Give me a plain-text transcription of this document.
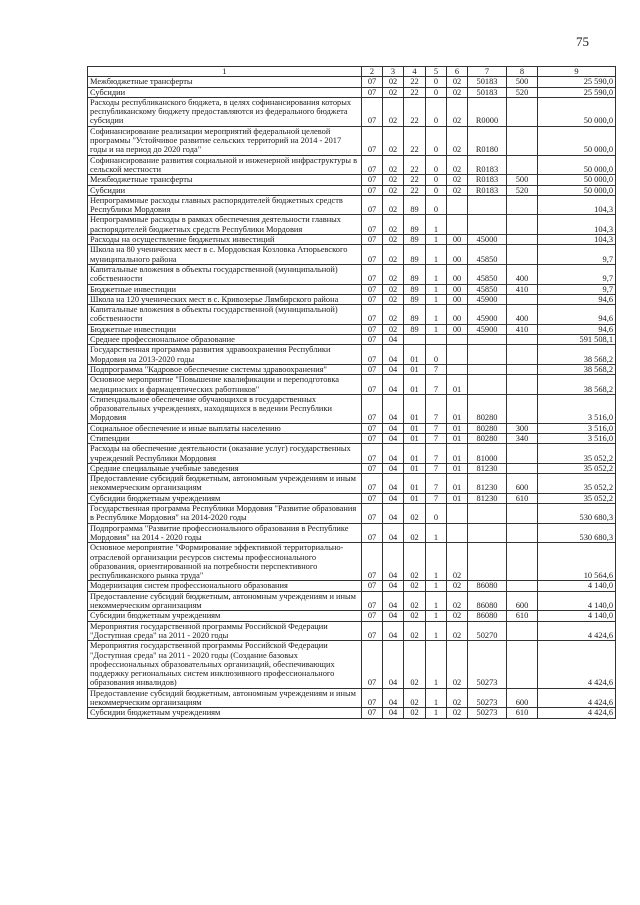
75
1	2	3	4	5	6	7	8	9
Межбюджетные трансферты	07	02	22	0	02	50183	500	25 590,0
Субсидии	07	02	22	0	02	50183	520	25 590,0
Расходы республиканского бюджета, в целях софинансирования которых республиканскому бюджету предоставляются из федерального бюджета субсидии	07	02	22	0	02	R0000		50 000,0
Софинансирование реализации мероприятий федеральной целевой программы "Устойчивое развитие сельских территорий на 2014 - 2017 годы и на период до 2020 года"	07	02	22	0	02	R0180		50 000,0
Софинансирование развития социальной и инженерной инфраструктуры в сельской местности	07	02	22	0	02	R0183		50 000,0
Межбюджетные трансферты	07	02	22	0	02	R0183	500	50 000,0
Субсидии	07	02	22	0	02	R0183	520	50 000,0
Непрограммные расходы главных распорядителей бюджетных средств Республики Мордовия	07	02	89	0				104,3
Непрограммные расходы в рамках обеспечения деятельности главных распорядителей бюджетных средств Республики Мордовия	07	02	89	1				104,3
Расходы на осуществление бюджетных инвестиций	07	02	89	1	00	45000		104,3
Школа на 80 ученических мест в с. Мордовская Козловка Атюрьевского муниципального района	07	02	89	1	00	45850		9,7
Капитальные вложения в объекты государственной (муниципальной) собственности	07	02	89	1	00	45850	400	9,7
Бюджетные инвестиции	07	02	89	1	00	45850	410	9,7
Школа на 120 ученических мест в с. Кривозерье Лямбирского района	07	02	89	1	00	45900		94,6
Капитальные вложения в объекты государственной (муниципальной) собственности	07	02	89	1	00	45900	400	94,6
Бюджетные инвестиции	07	02	89	1	00	45900	410	94,6
Среднее профессиональное образование	07	04						591 508,1
Государственная программа развития здравоохранения Республики Мордовия на 2013-2020 годы	07	04	01	0				38 568,2
Подпрограмма "Кадровое обеспечение системы здравоохранения"	07	04	01	7				38 568,2
Основное мероприятие "Повышение квалификации и переподготовка медицинских и фармацевтических работников"	07	04	01	7	01			38 568,2
Стипендиальное обеспечение обучающихся в государственных образовательных учреждениях, находящихся в ведении Республики Мордовия	07	04	01	7	01	80280		3 516,0
Социальное обеспечение и иные выплаты населению	07	04	01	7	01	80280	300	3 516,0
Стипендии	07	04	01	7	01	80280	340	3 516,0
Расходы на обеспечение деятельности (оказание услуг) государственных учреждений Республики Мордовия	07	04	01	7	01	81000		35 052,2
Средние специальные учебные заведения	07	04	01	7	01	81230		35 052,2
Предоставление субсидий бюджетным, автономным учреждениям и иным некоммерческим организациям	07	04	01	7	01	81230	600	35 052,2
Субсидии бюджетным учреждениям	07	04	01	7	01	81230	610	35 052,2
Государственная программа Республики Мордовия "Развитие образования в Республике Мордовия" на 2014-2020 годы	07	04	02	0				530 680,3
Подпрограмма "Развитие профессионального образования в Республике Мордовия" на 2014 - 2020 годы	07	04	02	1				530 680,3
Основное мероприятие "Формирование эффективной территориально-отраслевой организации ресурсов системы профессионального образования, ориентированной на потребности перспективного республиканского рынка труда"	07	04	02	1	02			10 564,6
Модернизация систем профессионального образования	07	04	02	1	02	86080		4 140,0
Предоставление субсидий бюджетным, автономным учреждениям и иным некоммерческим организациям	07	04	02	1	02	86080	600	4 140,0
Субсидии бюджетным учреждениям	07	04	02	1	02	86080	610	4 140,0
Мероприятия государственной программы Российской Федерации "Доступная среда" на 2011 - 2020 годы	07	04	02	1	02	50270		4 424,6
Мероприятия государственной программы Российской Федерации "Доступная среда" на 2011 - 2020 годы (Создание базовых профессиональных образовательных организаций, обеспечивающих поддержку региональных систем инклюзивного профессионального образования инвалидов)	07	04	02	1	02	50273		4 424,6
Предоставление субсидий бюджетным, автономным учреждениям и иным некоммерческим организациям	07	04	02	1	02	50273	600	4 424,6
Субсидии бюджетным учреждениям	07	04	02	1	02	50273	610	4 424,6
